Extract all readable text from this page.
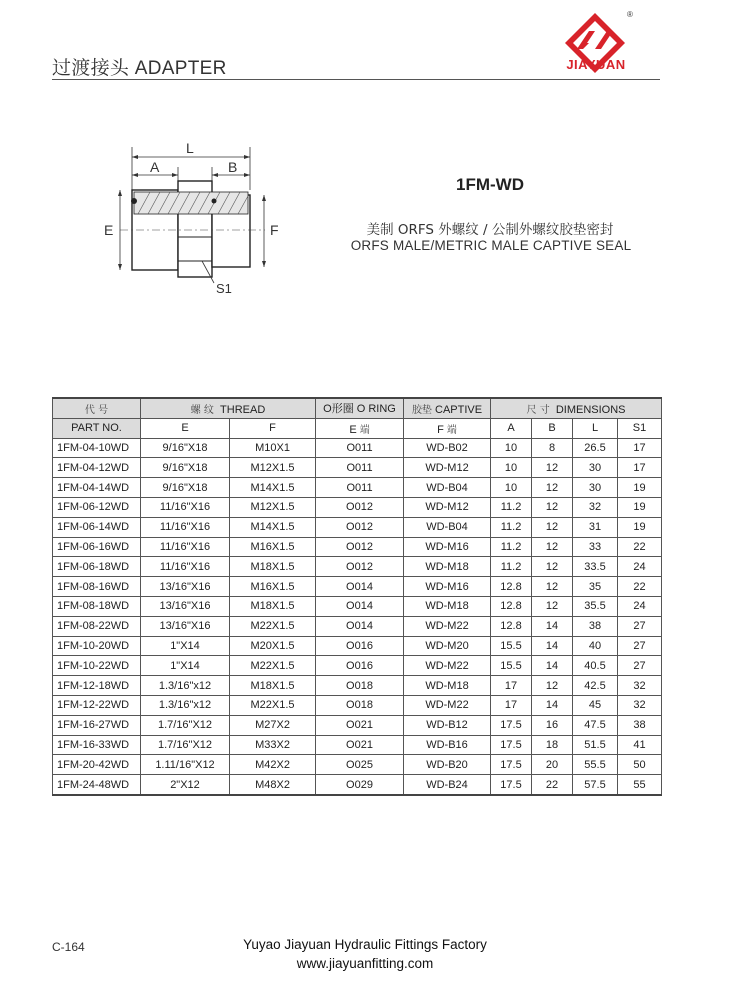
过渡接头 ADAPTER
®
JIAYUAN
L
A	B
E	F
S1
1FM-WD
美制 ORFS 外螺纹 / 公制外螺纹胶垫密封
ORFS MALE/METRIC MALE CAPTIVE SEAL
代 号	螺 纹 THREAD		O形圈 O RING	胶垫 CAPTIVE	尺 寸 DIMENSIONS			
PART NO.	E	F	E 端	F 端	A	B	L	S1
1FM-04-10WD	9/16"X18	M10X1	O011	WD-B02	10	8	26.5	17
1FM-04-12WD	9/16"X18	M12X1.5	O011	WD-M12	10	12	30	17
1FM-04-14WD	9/16"X18	M14X1.5	O011	WD-B04	10	12	30	19
1FM-06-12WD	11/16"X16	M12X1.5	O012	WD-M12	11.2	12	32	19
1FM-06-14WD	11/16"X16	M14X1.5	O012	WD-B04	11.2	12	31	19
1FM-06-16WD	11/16"X16	M16X1.5	O012	WD-M16	11.2	12	33	22
1FM-06-18WD	11/16"X16	M18X1.5	O012	WD-M18	11.2	12	33.5	24
1FM-08-16WD	13/16"X16	M16X1.5	O014	WD-M16	12.8	12	35	22
1FM-08-18WD	13/16"X16	M18X1.5	O014	WD-M18	12.8	12	35.5	24
1FM-08-22WD	13/16"X16	M22X1.5	O014	WD-M22	12.8	14	38	27
1FM-10-20WD	1"X14	M20X1.5	O016	WD-M20	15.5	14	40	27
1FM-10-22WD	1"X14	M22X1.5	O016	WD-M22	15.5	14	40.5	27
1FM-12-18WD	1.3/16"x12	M18X1.5	O018	WD-M18	17	12	42.5	32
1FM-12-22WD	1.3/16"x12	M22X1.5	O018	WD-M22	17	14	45	32
1FM-16-27WD	1.7/16"X12	M27X2	O021	WD-B12	17.5	16	47.5	38
1FM-16-33WD	1.7/16"X12	M33X2	O021	WD-B16	17.5	18	51.5	41
1FM-20-42WD	1.11/16"X12	M42X2	O025	WD-B20	17.5	20	55.5	50
1FM-24-48WD	2"X12	M48X2	O029	WD-B24	17.5	22	57.5	55
C-164	Yuyao Jiayuan Hydraulic Fittings Factory
www.jiayuanfitting.com
